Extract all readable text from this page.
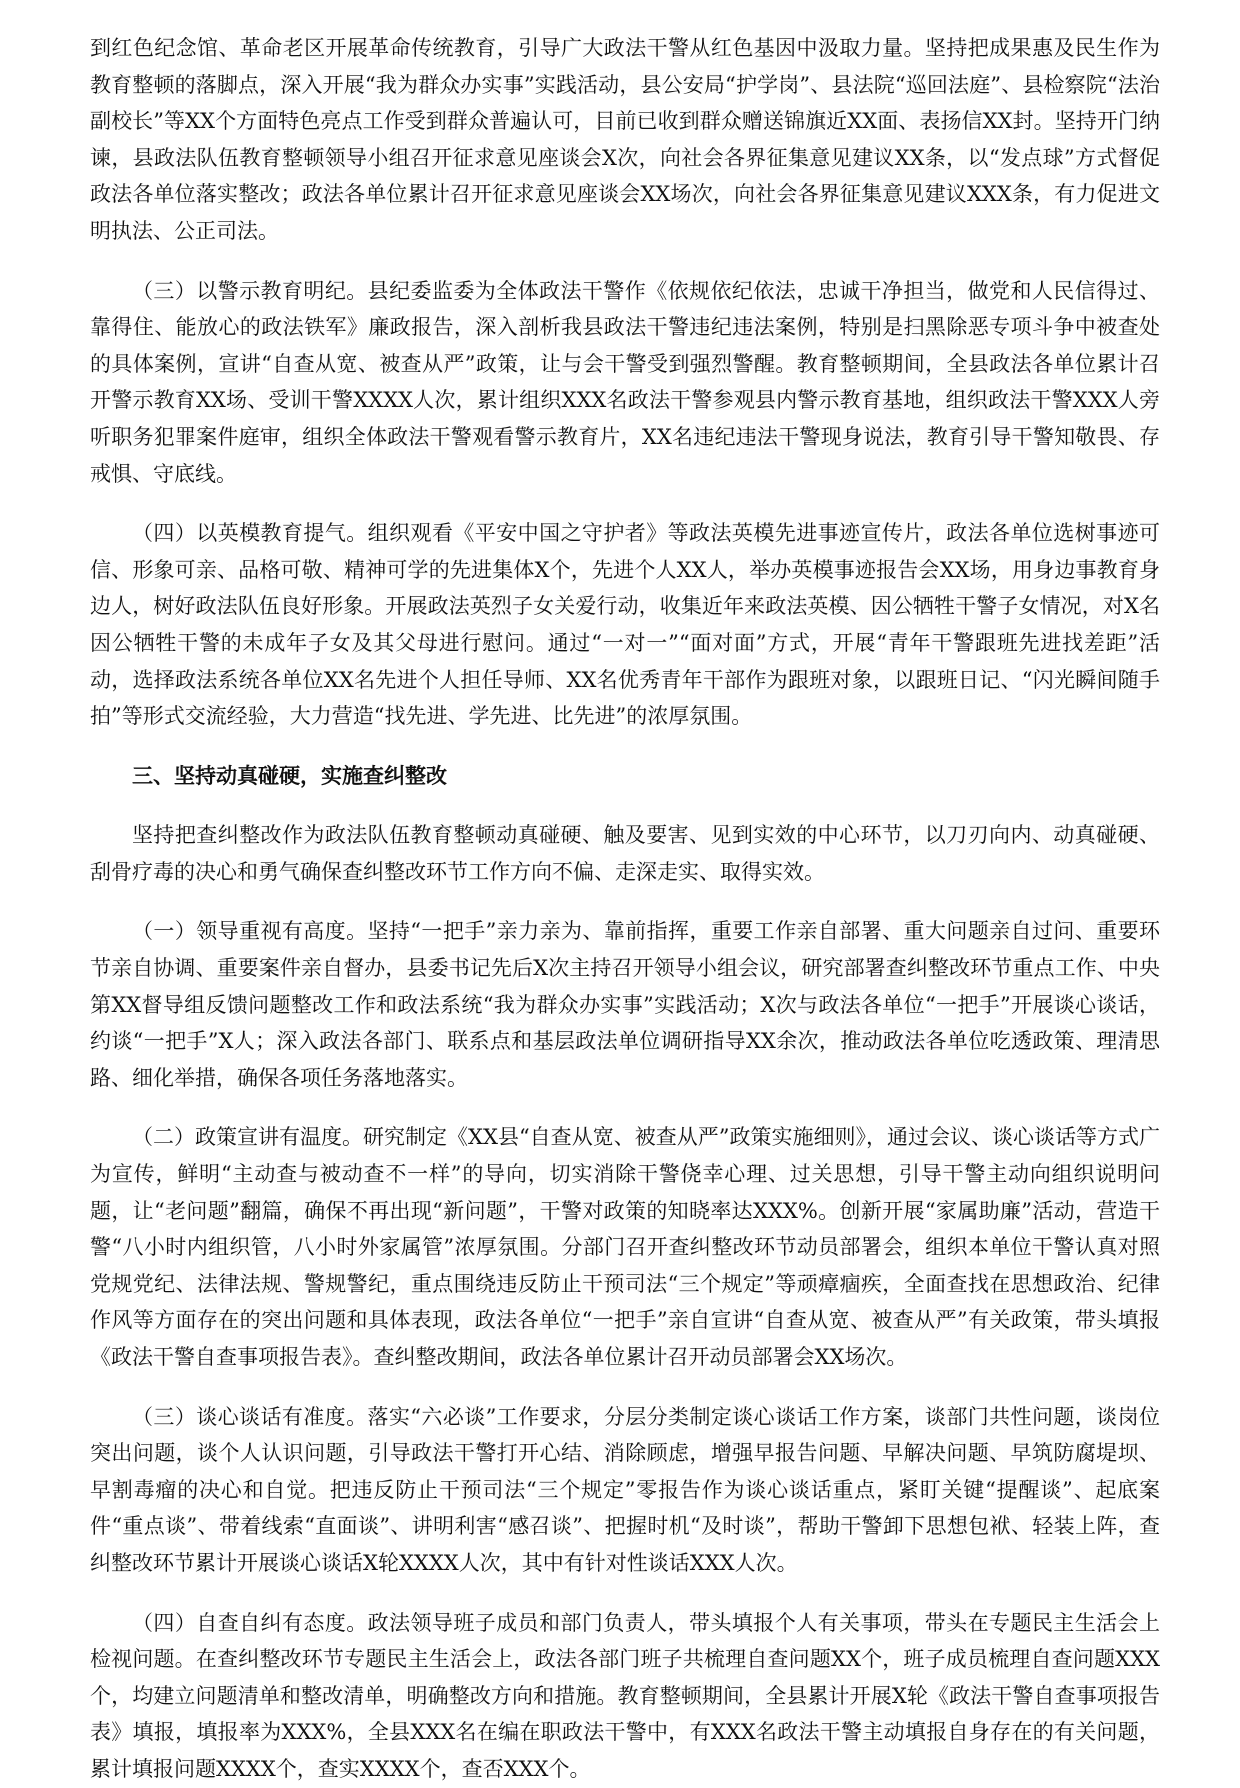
到红色纪念馆、革命老区开展革命传统教育，引导广大政法干警从红色基因中汲取力量。坚持把成果惠及民生作为教育整顿的落脚点，深入开展“我为群众办实事”实践活动，县公安局“护学岗”、县法院“巡回法庭”、县检察院“法治副校长”等XX个方面特色亮点工作受到群众普遍认可，目前已收到群众赠送锦旗近XX面、表扬信XX封。坚持开门纳谏，县政法队伍教育整顿领导小组召开征求意见座谈会X次，向社会各界征集意见建议XX条，以“发点球”方式督促政法各单位落实整改；政法各单位累计召开征求意见座谈会XX场次，向社会各界征集意见建议XXX条，有力促进文明执法、公正司法。

（三）以警示教育明纪。县纪委监委为全体政法干警作《依规依纪依法，忠诚干净担当，做党和人民信得过、靠得住、能放心的政法铁军》廉政报告，深入剖析我县政法干警违纪违法案例，特别是扫黑除恶专项斗争中被查处的具体案例，宣讲“自查从宽、被查从严”政策，让与会干警受到强烈警醒。教育整顿期间，全县政法各单位累计召开警示教育XX场、受训干警XXXX人次，累计组织XXX名政法干警参观县内警示教育基地，组织政法干警XXX人旁听职务犯罪案件庭审，组织全体政法干警观看警示教育片，XX名违纪违法干警现身说法，教育引导干警知敬畏、存戒惧、守底线。

（四）以英模教育提气。组织观看《平安中国之守护者》等政法英模先进事迹宣传片，政法各单位选树事迹可信、形象可亲、品格可敬、精神可学的先进集体X个，先进个人XX人，举办英模事迹报告会XX场，用身边事教育身边人，树好政法队伍良好形象。开展政法英烈子女关爱行动，收集近年来政法英模、因公牺牲干警子女情况，对X名因公牺牲干警的未成年子女及其父母进行慰问。通过“一对一”“面对面”方式，开展“青年干警跟班先进找差距”活动，选择政法系统各单位XX名先进个人担任导师、XX名优秀青年干部作为跟班对象，以跟班日记、“闪光瞬间随手拍”等形式交流经验，大力营造“找先进、学先进、比先进”的浓厚氛围。

三、坚持动真碰硬，实施查纠整改

坚持把查纠整改作为政法队伍教育整顿动真碰硬、触及要害、见到实效的中心环节，以刀刃向内、动真碰硬、刮骨疗毒的决心和勇气确保查纠整改环节工作方向不偏、走深走实、取得实效。

（一）领导重视有高度。坚持“一把手”亲力亲为、靠前指挥，重要工作亲自部署、重大问题亲自过问、重要环节亲自协调、重要案件亲自督办，县委书记先后X次主持召开领导小组会议，研究部署查纠整改环节重点工作、中央第XX督导组反馈问题整改工作和政法系统“我为群众办实事”实践活动；X次与政法各单位“一把手”开展谈心谈话，约谈“一把手”X人；深入政法各部门、联系点和基层政法单位调研指导XX余次，推动政法各单位吃透政策、理清思路、细化举措，确保各项任务落地落实。

（二）政策宣讲有温度。研究制定《XX县“自查从宽、被查从严”政策实施细则》，通过会议、谈心谈话等方式广为宣传，鲜明“主动查与被动查不一样”的导向，切实消除干警侥幸心理、过关思想，引导干警主动向组织说明问题，让“老问题”翻篇，确保不再出现“新问题”，干警对政策的知晓率达XXX%。创新开展“家属助廉”活动，营造干警“八小时内组织管，八小时外家属管”浓厚氛围。分部门召开查纠整改环节动员部署会，组织本单位干警认真对照党规党纪、法律法规、警规警纪，重点围绕违反防止干预司法“三个规定”等顽瘴痼疾，全面查找在思想政治、纪律作风等方面存在的突出问题和具体表现，政法各单位“一把手”亲自宣讲“自查从宽、被查从严”有关政策，带头填报《政法干警自查事项报告表》。查纠整改期间，政法各单位累计召开动员部署会XX场次。

（三）谈心谈话有准度。落实“六必谈”工作要求，分层分类制定谈心谈话工作方案，谈部门共性问题，谈岗位突出问题，谈个人认识问题，引导政法干警打开心结、消除顾虑，增强早报告问题、早解决问题、早筑防腐堤坝、早割毒瘤的决心和自觉。把违反防止干预司法“三个规定”零报告作为谈心谈话重点，紧盯关键“提醒谈”、起底案件“重点谈”、带着线索“直面谈”、讲明利害“感召谈”、把握时机“及时谈”，帮助干警卸下思想包袱、轻装上阵，查纠整改环节累计开展谈心谈话X轮XXXX人次，其中有针对性谈话XXX人次。

（四）自查自纠有态度。政法领导班子成员和部门负责人，带头填报个人有关事项，带头在专题民主生活会上检视问题。在查纠整改环节专题民主生活会上，政法各部门班子共梳理自查问题XX个，班子成员梳理自查问题XXX个，均建立问题清单和整改清单，明确整改方向和措施。教育整顿期间，全县累计开展X轮《政法干警自查事项报告表》填报，填报率为XXX%，全县XXX名在编在职政法干警中，有XXX名政法干警主动填报自身存在的有关问题，累计填报问题XXXX个，查实XXXX个，查否XXX个。
